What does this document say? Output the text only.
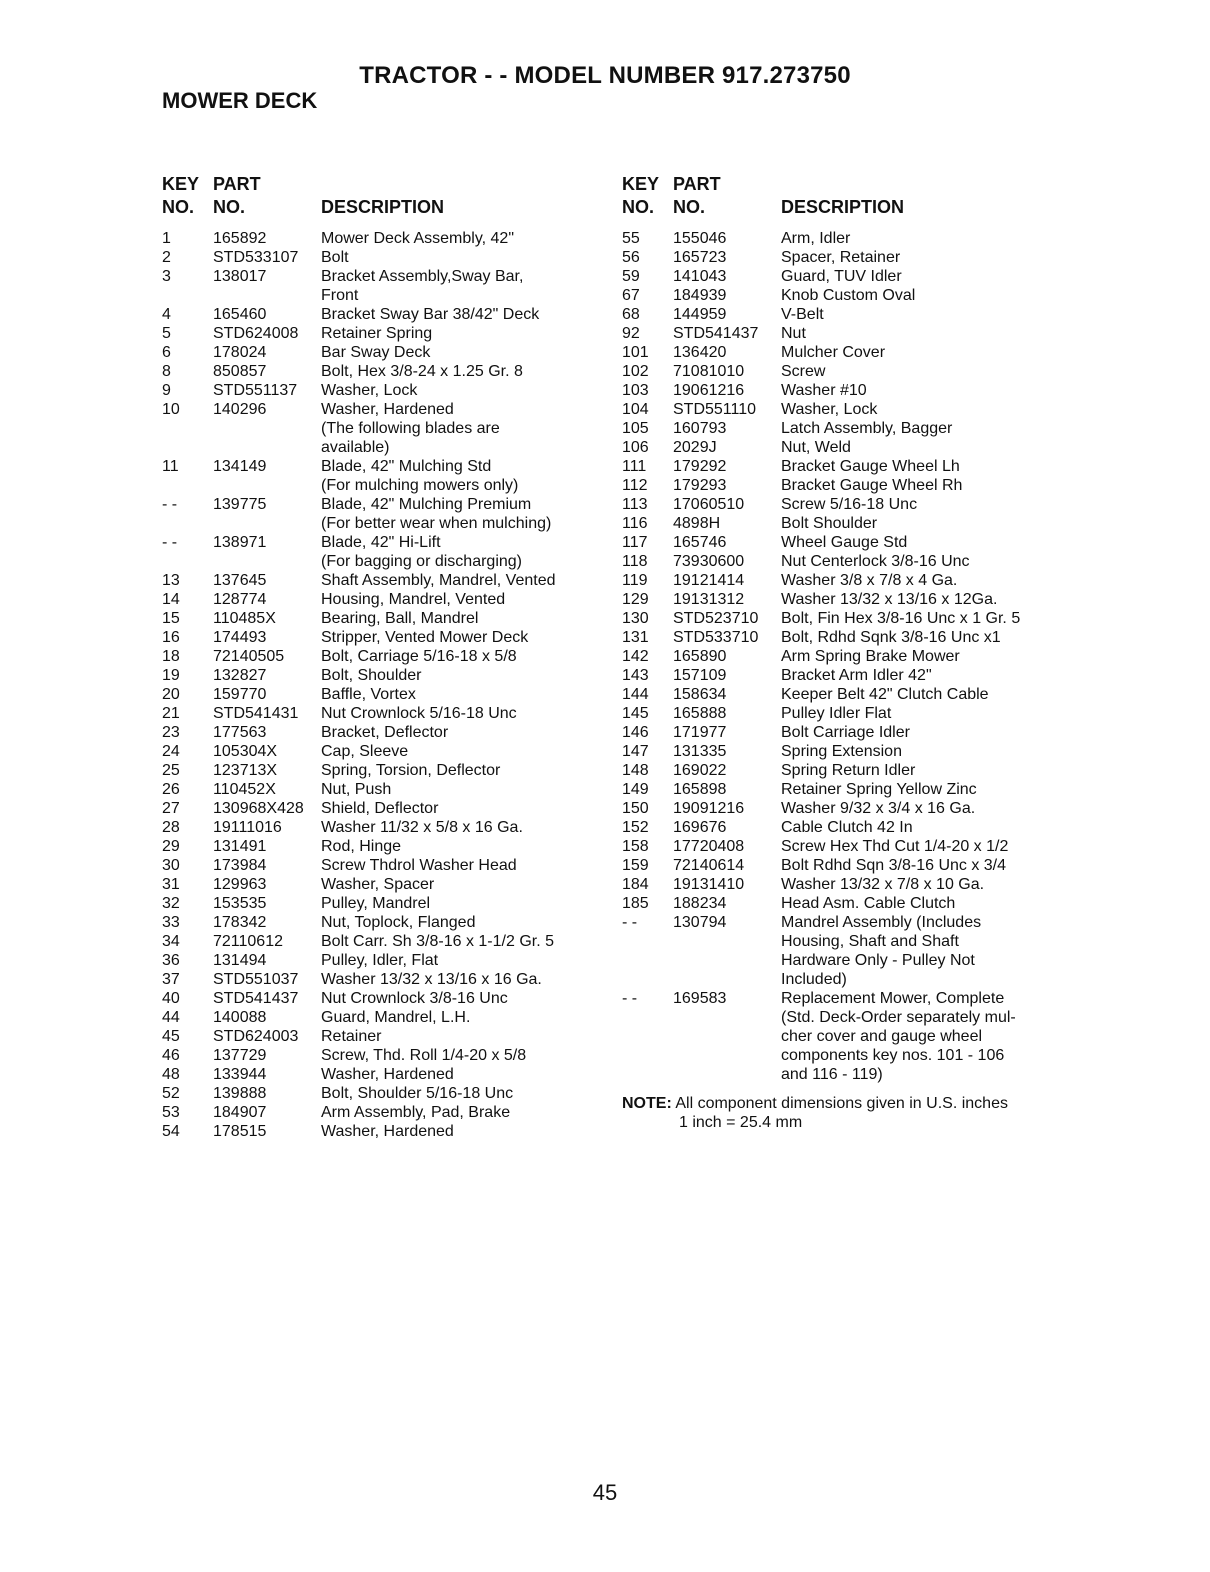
TRACTOR - - MODEL NUMBER 917.273750
MOWER DECK
KEY
NO.
PART
NO.	DESCRIPTION
1	165892	Mower Deck Assembly, 42"
2	STD533107	Bolt
3	138017	Bracket Assembly,Sway Bar,
Front
4	165460	Bracket Sway Bar 38/42" Deck
5	STD624008	Retainer Spring
6	178024	Bar Sway Deck
8	850857	Bolt, Hex 3/8-24 x 1.25 Gr. 8
9	STD551137	Washer, Lock
10	140296	Washer, Hardened
(The following blades are
available)
11	134149	Blade, 42" Mulching Std
(For mulching mowers only)
- -	139775	Blade, 42" Mulching Premium
(For better wear when mulching)
- -	138971	Blade, 42" Hi-Lift
(For bagging or discharging)
13	137645	Shaft Assembly, Mandrel, Vented
14	128774	Housing, Mandrel, Vented
15	110485X	Bearing, Ball, Mandrel
16	174493	Stripper, Vented Mower Deck
18	72140505	Bolt, Carriage 5/16-18 x 5/8
19	132827	Bolt, Shoulder
20	159770	Baffle, Vortex
21	STD541431	Nut Crownlock 5/16-18 Unc
23	177563	Bracket, Deflector
24	105304X	Cap, Sleeve
25	123713X	Spring, Torsion, Deflector
26	110452X	Nut, Push
27	130968X428	Shield, Deflector
28	19111016	Washer 11/32 x 5/8 x 16 Ga.
29	131491	Rod, Hinge
30	173984	Screw Thdrol Washer Head
31	129963	Washer, Spacer
32	153535	Pulley, Mandrel
33	178342	Nut, Toplock, Flanged
34	72110612	Bolt Carr. Sh 3/8-16 x 1-1/2 Gr. 5
36	131494	Pulley, Idler, Flat
37	STD551037	Washer 13/32 x 13/16 x 16 Ga.
40	STD541437	Nut Crownlock 3/8-16 Unc
44	140088	Guard, Mandrel, L.H.
45	STD624003	Retainer
46	137729	Screw, Thd. Roll 1/4-20 x 5/8
48	133944	Washer, Hardened
52	139888	Bolt, Shoulder 5/16-18 Unc
53	184907	Arm Assembly, Pad, Brake
54	178515	Washer, Hardened
KEY
NO.
PART
NO.	DESCRIPTION
55	155046	Arm, Idler
56	165723	Spacer, Retainer
59	141043	Guard, TUV Idler
67	184939	Knob Custom Oval
68	144959	V-Belt
92	STD541437	Nut
101	136420	Mulcher Cover
102	71081010	Screw
103	19061216	Washer #10
104	STD551110	Washer, Lock
105	160793	Latch Assembly, Bagger
106	2029J	Nut, Weld
111	179292	Bracket Gauge Wheel Lh
112	179293	Bracket Gauge Wheel Rh
113	17060510	Screw 5/16-18 Unc
116	4898H	Bolt Shoulder
117	165746	Wheel Gauge Std
118	73930600	Nut Centerlock 3/8-16 Unc
119	19121414	Washer 3/8 x 7/8 x 4 Ga.
129	19131312	Washer 13/32 x 13/16 x 12Ga.
130	STD523710	Bolt, Fin Hex 3/8-16 Unc x 1 Gr. 5
131	STD533710	Bolt, Rdhd Sqnk 3/8-16 Unc x1
142	165890	Arm Spring Brake Mower
143	157109	Bracket Arm Idler 42"
144	158634	Keeper Belt 42" Clutch Cable
145	165888	Pulley Idler Flat
146	171977	Bolt Carriage Idler
147	131335	Spring Extension
148	169022	Spring Return Idler
149	165898	Retainer Spring Yellow Zinc
150	19091216	Washer 9/32 x 3/4 x 16 Ga.
152	169676	Cable Clutch 42 In
158	17720408	Screw Hex Thd Cut 1/4-20 x 1/2
159	72140614	Bolt Rdhd Sqn 3/8-16 Unc x 3/4
184	19131410	Washer 13/32 x 7/8 x 10 Ga.
185	188234	Head Asm. Cable Clutch
- -	130794	Mandrel Assembly (Includes
Housing, Shaft and Shaft
Hardware Only - Pulley Not
Included)
- -	169583	Replacement Mower, Complete
(Std. Deck-Order separately mul-
cher cover and gauge wheel
components key nos. 101 - 106
and 116 - 119)
NOTE: All component dimensions given in U.S. inches
1 inch = 25.4 mm
45
